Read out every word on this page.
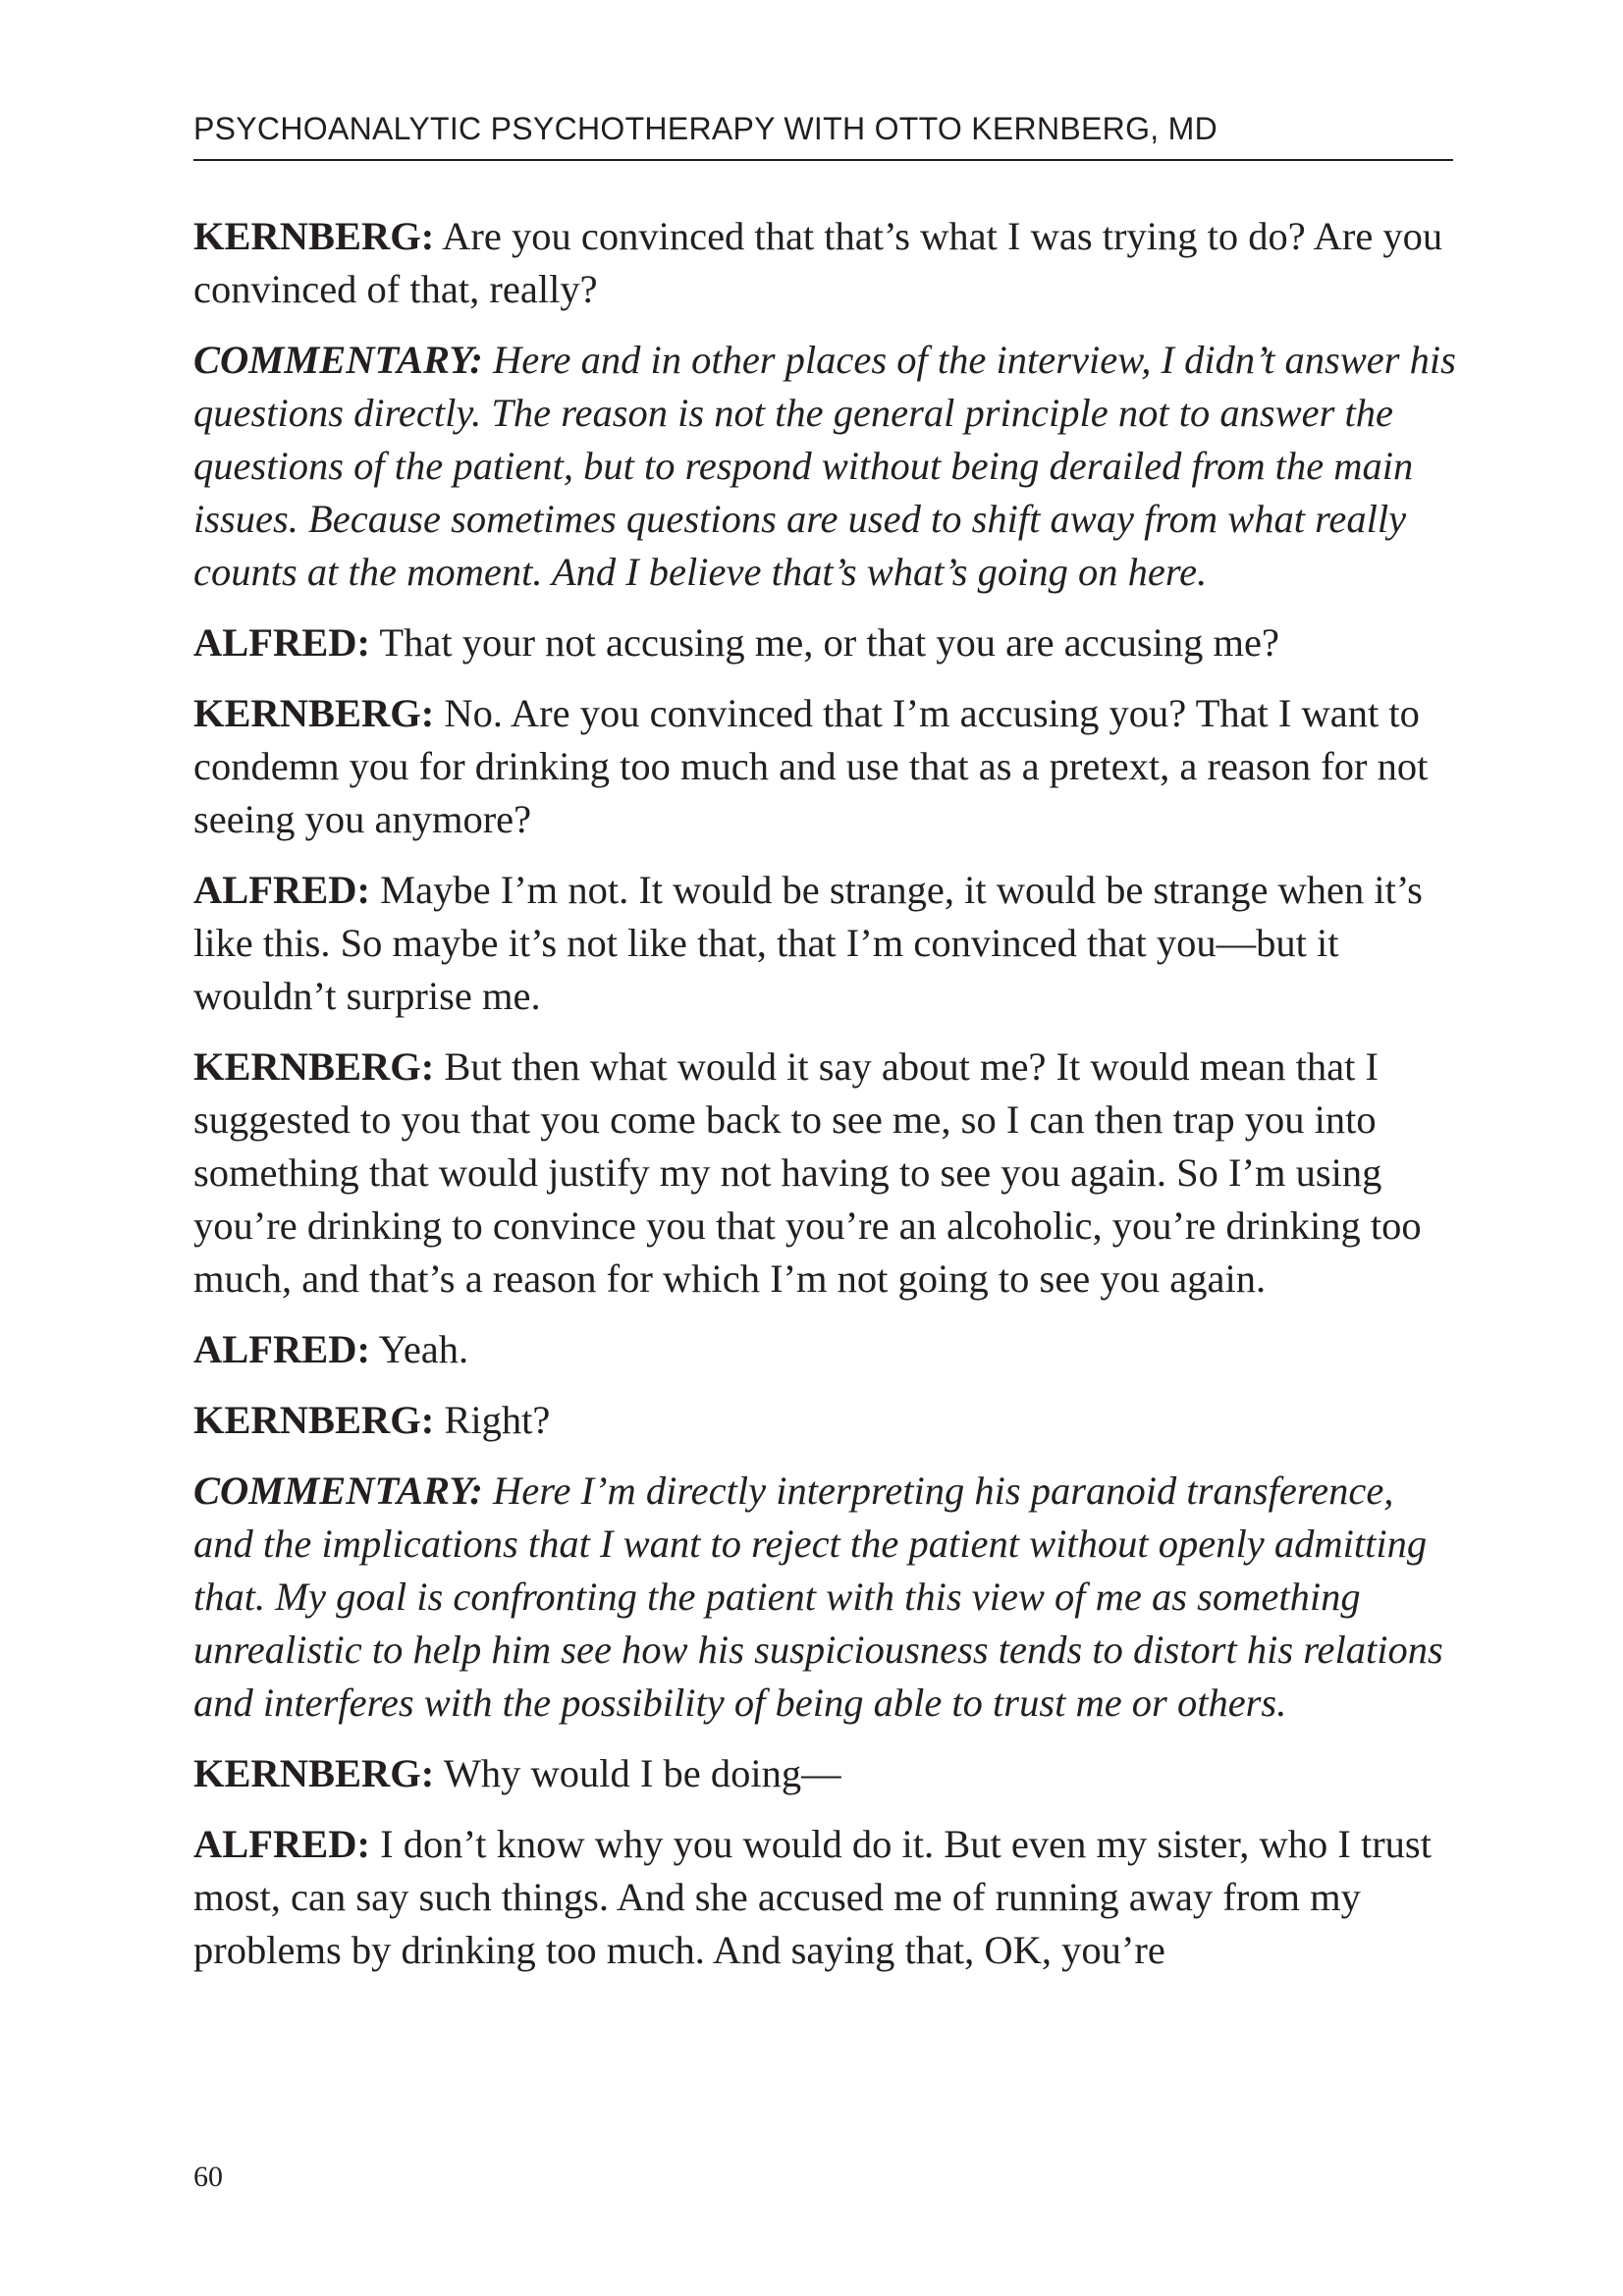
PSYCHOANALYTIC PSYCHOTHERAPY WITH OTTO KERNBERG, MD

KERNBERG: Are you convinced that that’s what I was trying to do? Are you convinced of that, really?

COMMENTARY: Here and in other places of the interview, I didn’t answer his questions directly. The reason is not the general principle not to answer the questions of the patient, but to respond without being derailed from the main issues. Because sometimes questions are used to shift away from what really counts at the moment. And I believe that’s what’s going on here.

ALFRED: That your not accusing me, or that you are accusing me?

KERNBERG: No. Are you convinced that I’m accusing you? That I want to condemn you for drinking too much and use that as a pretext, a reason for not seeing you anymore?

ALFRED: Maybe I’m not. It would be strange, it would be strange when it’s like this. So maybe it’s not like that, that I’m convinced that you—but it wouldn’t surprise me.

KERNBERG: But then what would it say about me? It would mean that I suggested to you that you come back to see me, so I can then trap you into something that would justify my not having to see you again. So I’m using you’re drinking to convince you that you’re an alcoholic, you’re drinking too much, and that’s a reason for which I’m not going to see you again.

ALFRED: Yeah.

KERNBERG: Right?

COMMENTARY: Here I’m directly interpreting his paranoid transference, and the implications that I want to reject the patient without openly admitting that. My goal is confronting the patient with this view of me as something unrealistic to help him see how his suspiciousness tends to distort his relations and interferes with the possibility of being able to trust me or others.

KERNBERG: Why would I be doing—

ALFRED: I don’t know why you would do it. But even my sister, who I trust most, can say such things. And she accused me of running away from my problems by drinking too much. And saying that, OK, you’re

60
